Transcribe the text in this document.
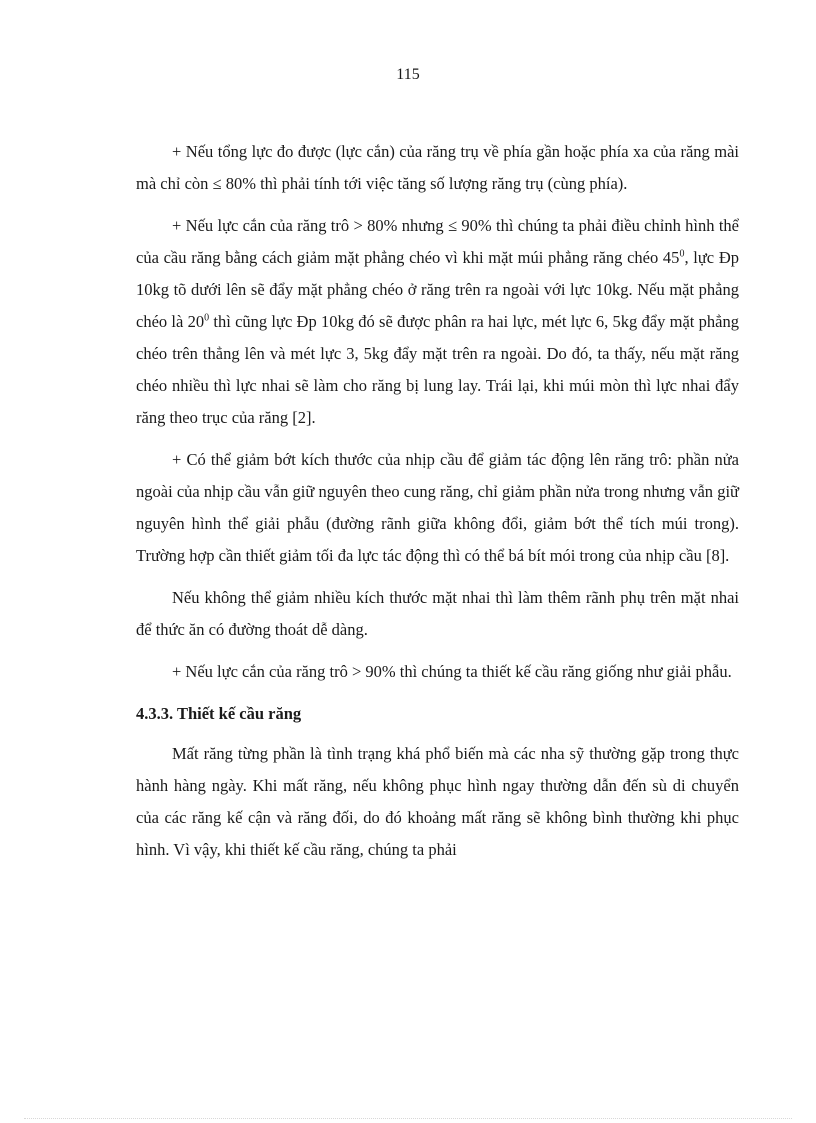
115

+ Nếu tổng lực đo được (lực cắn) của răng trụ về phía gần hoặc phía xa của răng mài mà chỉ còn ≤ 80% thì phải tính tới việc tăng số lượng răng trụ (cùng phía).

+ Nếu lực cắn của răng trô > 80% nhưng ≤ 90% thì chúng ta phải điều chỉnh hình thể của cầu răng bằng cách giảm mặt phẳng chéo vì khi mặt múi phẳng răng chéo $45^0$, lực Đp 10kg tõ dưới lên sẽ đẩy mặt phẳng chéo ở răng trên ra ngoài với lực 10kg. Nếu mặt phẳng chéo là $20^0$ thì cũng lực Đp 10kg đó sẽ được phân ra hai lực, mét lực 6, 5kg đẩy mặt phẳng chéo trên thẳng lên và mét lực 3, 5kg đẩy mặt trên ra ngoài. Do đó, ta thấy, nếu mặt răng chéo nhiều thì lực nhai sẽ làm cho răng bị lung lay. Trái lại, khi múi mòn thì lực nhai đẩy răng theo trục của răng [2].

+ Có thể giảm bớt kích thước của nhịp cầu để giảm tác động lên răng trô: phần nửa ngoài của nhịp cầu vẫn giữ nguyên theo cung răng, chỉ giảm phần nửa trong nhưng vẫn giữ nguyên hình thể giải phẫu (đường rãnh giữa không đổi, giảm bớt thể tích múi trong). Trường hợp cần thiết giảm tối đa lực tác động thì có thể bá bít mói trong của nhịp cầu [8].

Nếu không thể giảm nhiều kích thước mặt nhai thì làm thêm rãnh phụ trên mặt nhai để thức ăn có đường thoát dễ dàng.

+ Nếu lực cắn của răng trô > 90% thì chúng ta thiết kế cầu răng giống như giải phẫu.

4.3.3. Thiết kế cầu răng

Mất răng từng phần là tình trạng khá phổ biến mà các nha sỹ thường gặp trong thực hành hàng ngày. Khi mất răng, nếu không phục hình ngay thường dẫn đến sù di chuyển của các răng kế cận và răng đối, do đó khoảng mất răng sẽ không bình thường khi phục hình. Vì vậy, khi thiết kế cầu răng, chúng ta phải
